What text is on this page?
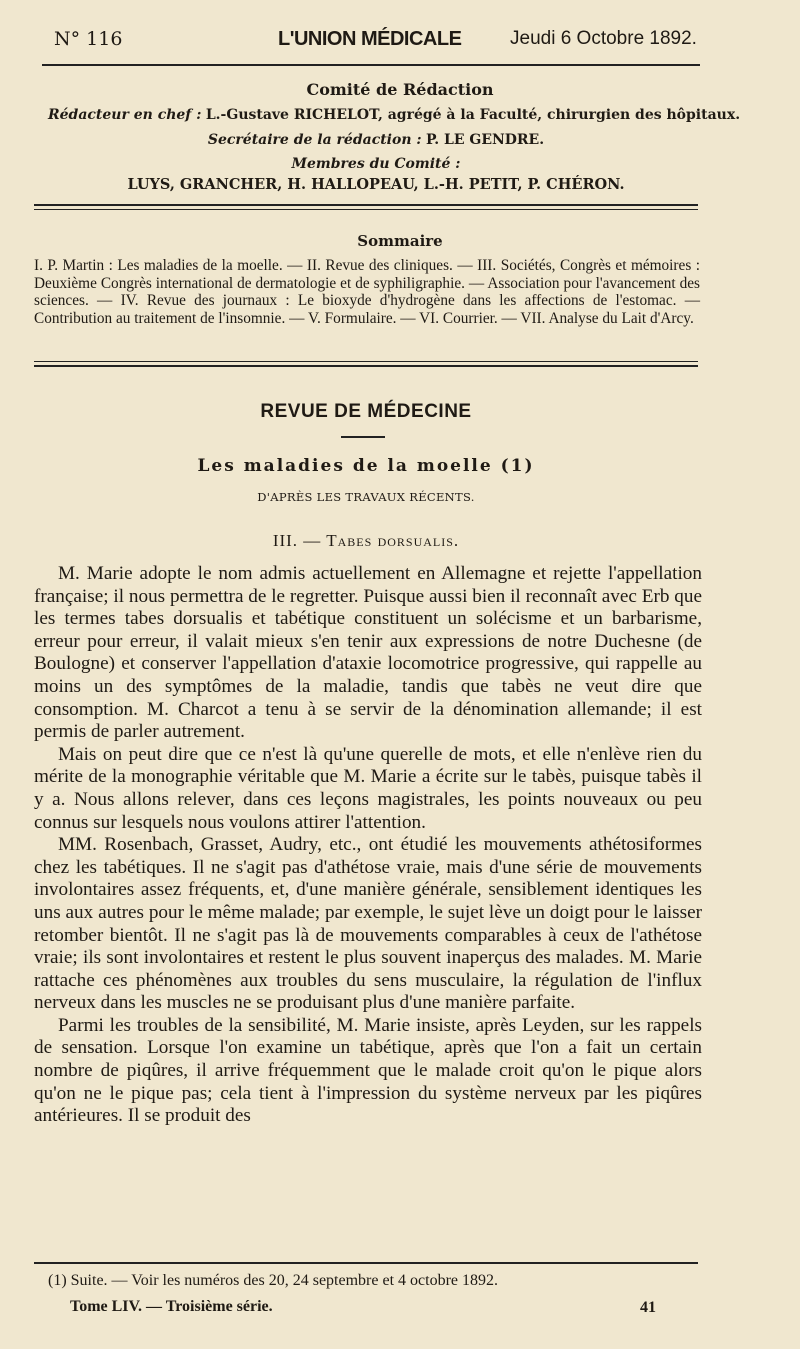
N° 116	L'UNION MÉDICALE	Jeudi 6 Octobre 1892.
Comité de Rédaction
Rédacteur en chef : L.-Gustave RICHELOT, agrégé à la Faculté, chirurgien des hôpitaux.
Secrétaire de la rédaction : P. LE GENDRE.
Membres du Comité :
LUYS, GRANCHER, H. HALLOPEAU, L.-H. PETIT, P. CHÉRON.
Sommaire
I. P. Martin : Les maladies de la moelle. — II. Revue des cliniques. — III. Sociétés, Congrès et mémoires : Deuxième Congrès international de dermatologie et de syphiligraphie. — Association pour l'avancement des sciences. — IV. Revue des journaux : Le bioxyde d'hydrogène dans les affections de l'estomac. — Contribution au traitement de l'insomnie. — V. Formulaire. — VI. Courrier. — VII. Analyse du Lait d'Arcy.
REVUE DE MÉDECINE
Les maladies de la moelle (1)
D'APRÈS LES TRAVAUX RÉCENTS.
III. — Tabes dorsualis.

M. Marie adopte le nom admis actuellement en Allemagne et rejette l'appellation française; il nous permettra de le regretter. Puisque aussi bien il reconnaît avec Erb que les termes tabes dorsualis et tabétique constituent un solécisme et un barbarisme, erreur pour erreur, il valait mieux s'en tenir aux expressions de notre Duchesne (de Boulogne) et conserver l'appellation d'ataxie locomotrice progressive, qui rappelle au moins un des symptômes de la maladie, tandis que tabès ne veut dire que consomption. M. Charcot a tenu à se servir de la dénomination allemande; il est permis de parler autrement.

Mais on peut dire que ce n'est là qu'une querelle de mots, et elle n'enlève rien du mérite de la monographie véritable que M. Marie a écrite sur le tabès, puisque tabès il y a. Nous allons relever, dans ces leçons magistrales, les points nouveaux ou peu connus sur lesquels nous voulons attirer l'attention.

MM. Rosenbach, Grasset, Audry, etc., ont étudié les mouvements athétosiformes chez les tabétiques. Il ne s'agit pas d'athétose vraie, mais d'une série de mouvements involontaires assez fréquents, et, d'une manière générale, sensiblement identiques les uns aux autres pour le même malade; par exemple, le sujet lève un doigt pour le laisser retomber bientôt. Il ne s'agit pas là de mouvements comparables à ceux de l'athétose vraie; ils sont involontaires et restent le plus souvent inaperçus des malades. M. Marie rattache ces phénomènes aux troubles du sens musculaire, la régulation de l'influx nerveux dans les muscles ne se produisant plus d'une manière parfaite.

Parmi les troubles de la sensibilité, M. Marie insiste, après Leyden, sur les rappels de sensation. Lorsque l'on examine un tabétique, après que l'on a fait un certain nombre de piqûres, il arrive fréquemment que le malade croit qu'on le pique alors qu'on ne le pique pas; cela tient à l'impression du système nerveux par les piqûres antérieures. Il se produit des

(1) Suite. — Voir les numéros des 20, 24 septembre et 4 octobre 1892.
Tome LIV. — Troisième série.	41
